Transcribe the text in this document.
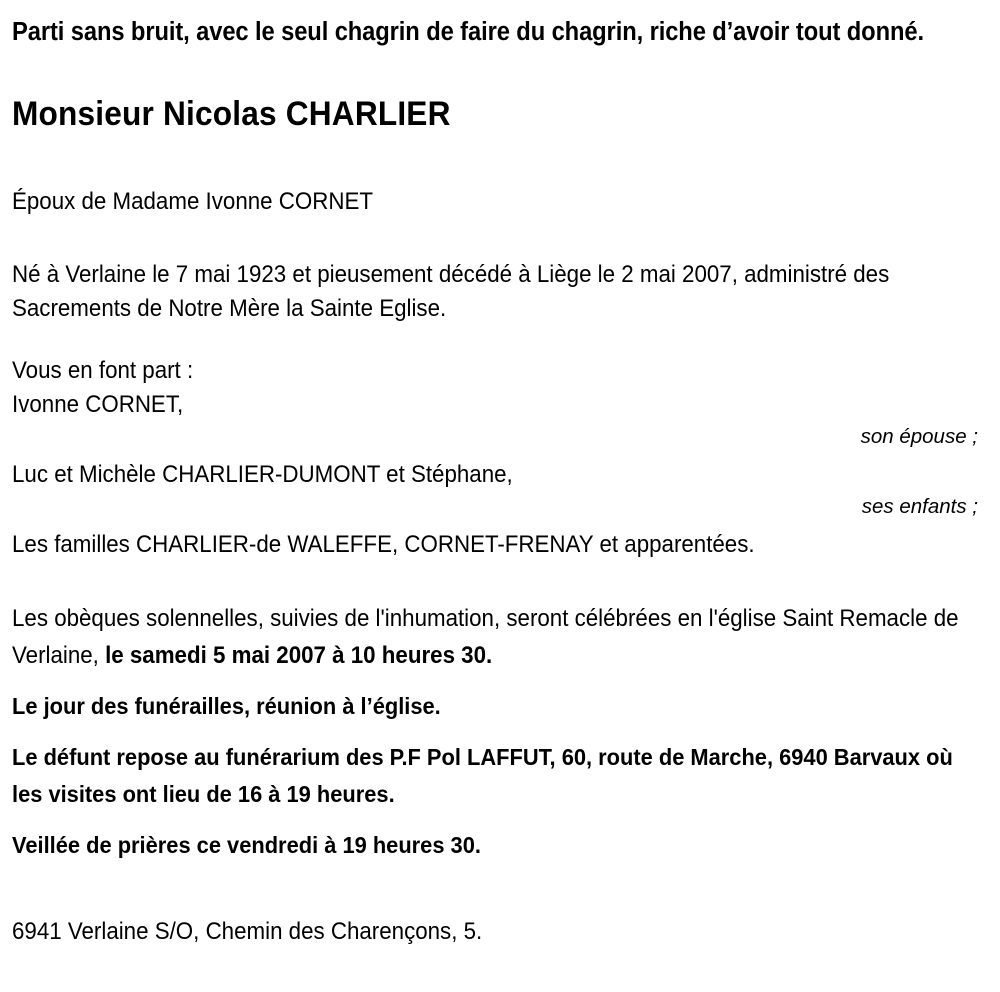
Parti sans bruit, avec le seul chagrin de faire du chagrin, riche d’avoir tout donné.

Monsieur Nicolas CHARLIER

Époux de Madame Ivonne CORNET

Né à Verlaine le 7 mai 1923 et pieusement décédé à Liège le 2 mai 2007, administré des Sacrements de Notre Mère la Sainte Eglise.

Vous en font part :

Ivonne CORNET,

son épouse ;

Luc et Michèle CHARLIER-DUMONT et Stéphane,

ses enfants ;

Les familles CHARLIER-de WALEFFE, CORNET-FRENAY et apparentées.

Les obèques solennelles, suivies de l'inhumation, seront célébrées en l'église Saint Remacle de Verlaine, le samedi 5 mai 2007 à 10 heures 30.

Le jour des funérailles, réunion à l’église.

Le défunt repose au funérarium des P.F Pol LAFFUT, 60, route de Marche, 6940 Barvaux où les visites ont lieu de 16 à 19 heures.

Veillée de prières ce vendredi à 19 heures 30.

6941 Verlaine S/O, Chemin des Charençons, 5.
